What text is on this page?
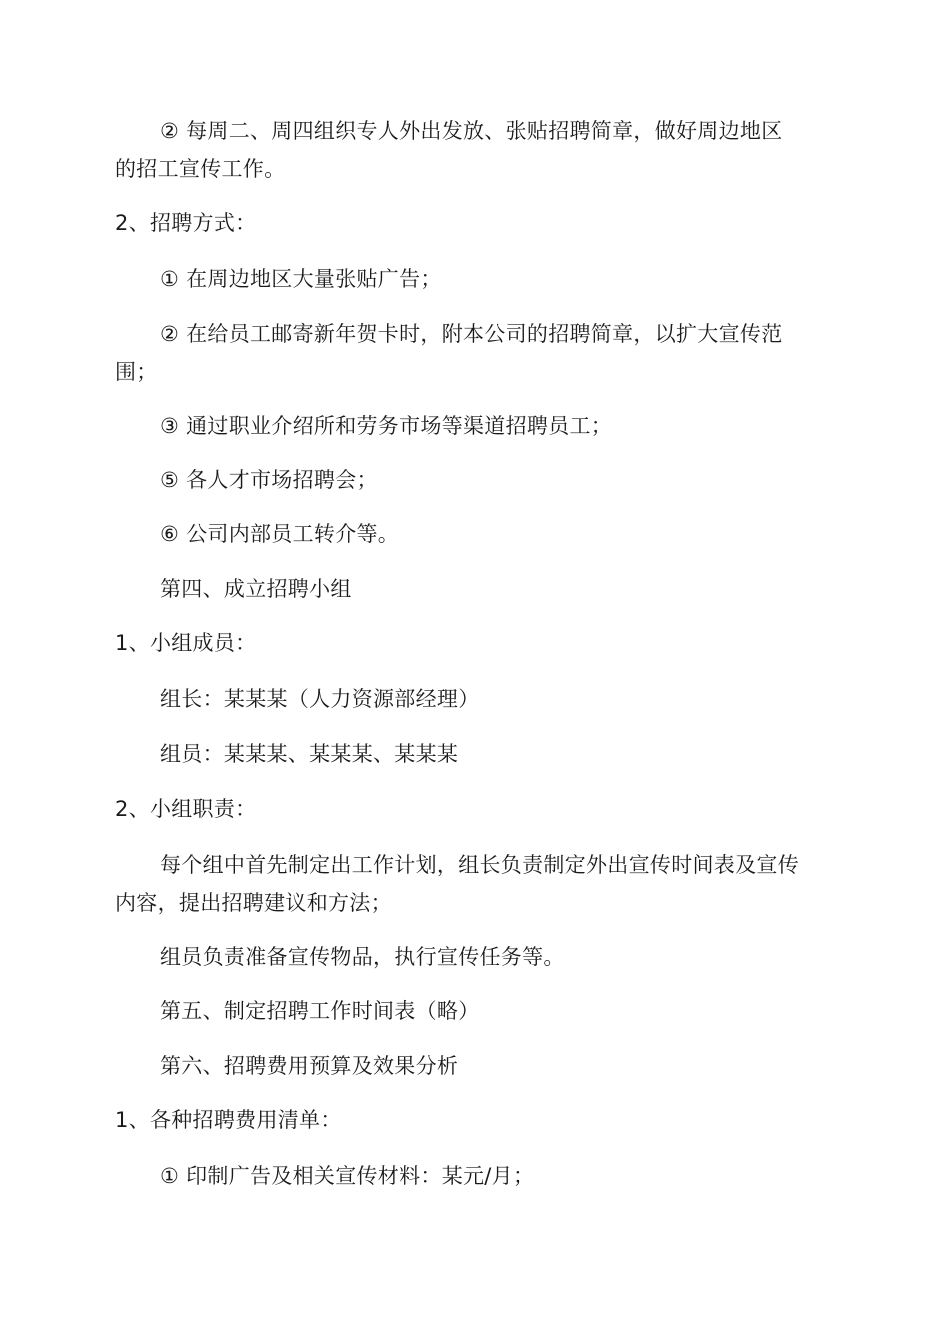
② 每周二、周四组织专人外出发放、张贴招聘简章，做好周边地区
的招工宣传工作。
2、招聘方式：
① 在周边地区大量张贴广告；
② 在给员工邮寄新年贺卡时，附本公司的招聘简章，以扩大宣传范
围；
③ 通过职业介绍所和劳务市场等渠道招聘员工；
⑤ 各人才市场招聘会；
⑥ 公司内部员工转介等。
第四、成立招聘小组
1、小组成员：
组长：某某某（人力资源部经理）
组员：某某某、某某某、某某某
2、小组职责：
每个组中首先制定出工作计划，组长负责制定外出宣传时间表及宣传
内容，提出招聘建议和方法；
组员负责准备宣传物品，执行宣传任务等。
第五、制定招聘工作时间表（略）
第六、招聘费用预算及效果分析
1、各种招聘费用清单：
① 印制广告及相关宣传材料：某元/月；
